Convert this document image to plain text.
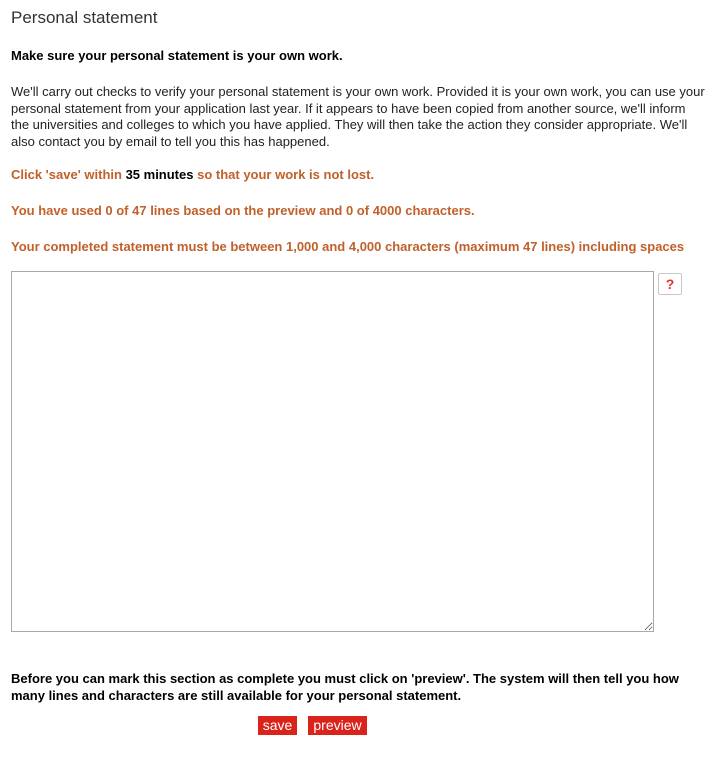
Personal statement

Make sure your personal statement is your own work.

We'll carry out checks to verify your personal statement is your own work. Provided it is your own work, you can use your personal statement from your application last year. If it appears to have been copied from another source, we'll inform the universities and colleges to which you have applied. They will then take the action they consider appropriate. We'll also contact you by email to tell you this has happened.

Click 'save' within 35 minutes so that your work is not lost.

You have used 0 of 47 lines based on the preview and 0 of 4000 characters.

Your completed statement must be between 1,000 and 4,000 characters (maximum 47 lines) including spaces

?

Before you can mark this section as complete you must click on 'preview'. The system will then tell you how many lines and characters are still available for your personal statement.

save	preview
